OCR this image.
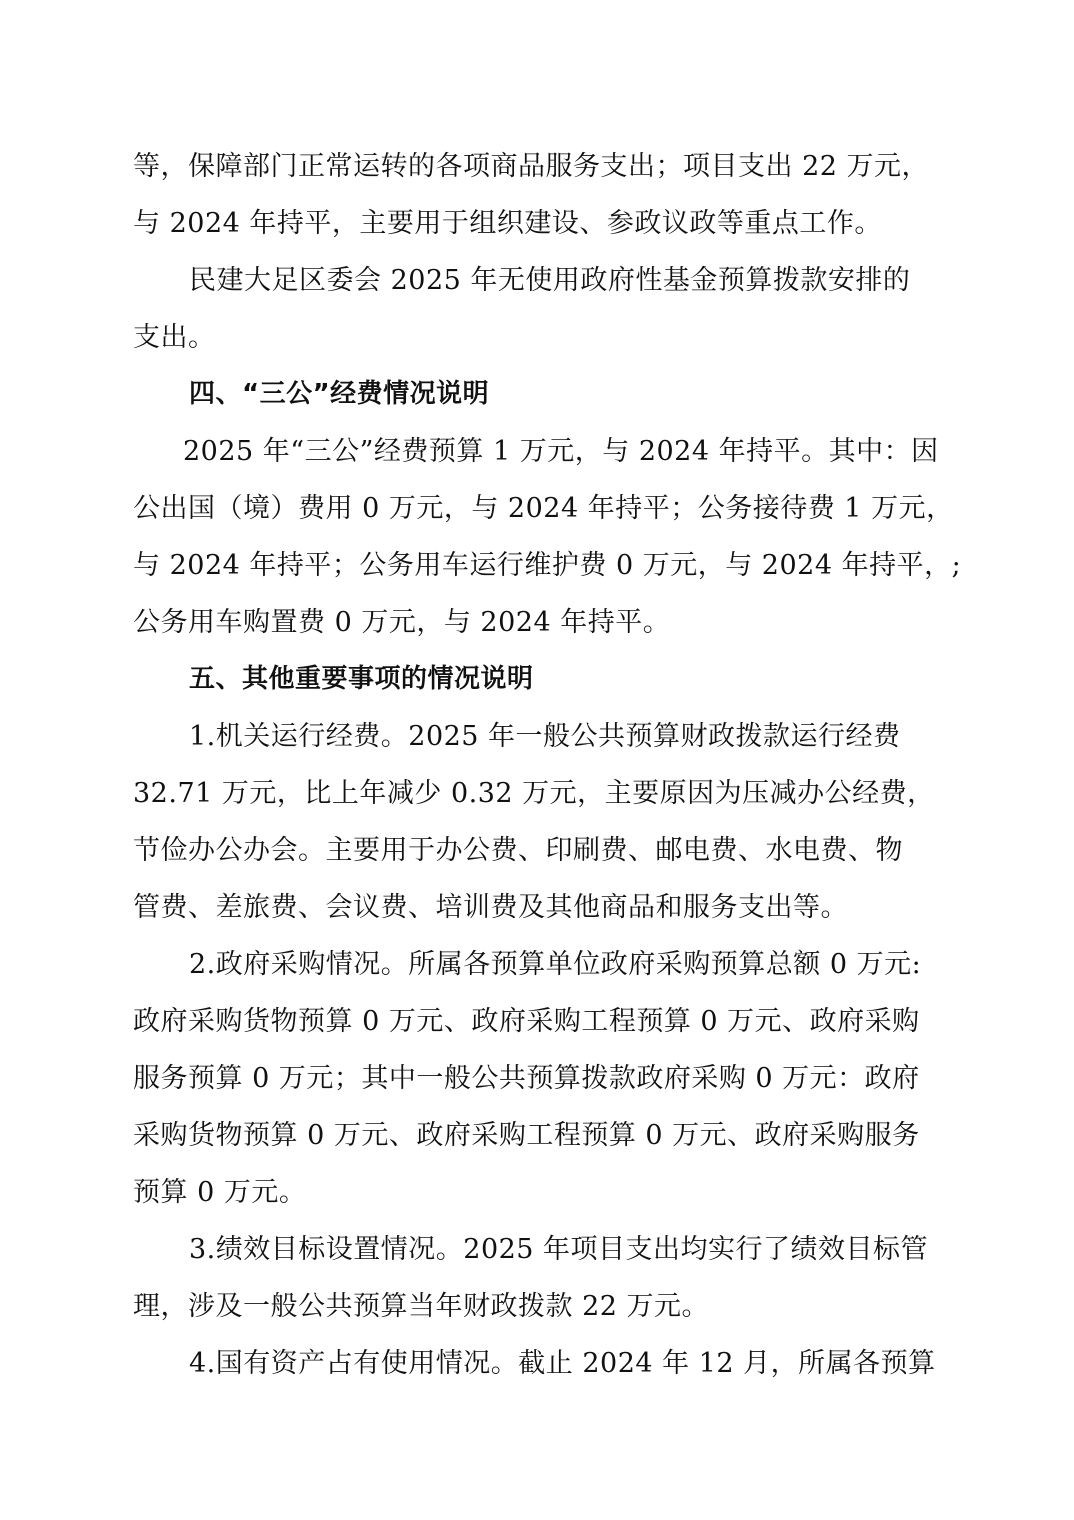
等，保障部门正常运转的各项商品服务支出；项目支出 22 万元，
与 2024 年持平，主要用于组织建设、参政议政等重点工作。

民建大足区委会 2025 年无使用政府性基金预算拨款安排的
支出。

四、“三公”经费情况说明

2025 年“三公”经费预算 1 万元，与 2024 年持平。其中：因
公出国（境）费用 0 万元，与 2024 年持平；公务接待费 1 万元，
与 2024 年持平；公务用车运行维护费 0 万元，与 2024 年持平，;
公务用车购置费 0 万元，与 2024 年持平。

五、其他重要事项的情况说明

1.机关运行经费。2025 年一般公共预算财政拨款运行经费
32.71 万元，比上年减少 0.32 万元，主要原因为压减办公经费，
节俭办公办会。主要用于办公费、印刷费、邮电费、水电费、物
管费、差旅费、会议费、培训费及其他商品和服务支出等。

2.政府采购情况。所属各预算单位政府采购预算总额 0 万元:
政府采购货物预算 0 万元、政府采购工程预算 0 万元、政府采购
服务预算 0 万元；其中一般公共预算拨款政府采购 0 万元：政府
采购货物预算 0 万元、政府采购工程预算 0 万元、政府采购服务
预算 0 万元。

3.绩效目标设置情况。2025 年项目支出均实行了绩效目标管
理，涉及一般公共预算当年财政拨款 22 万元。

4.国有资产占有使用情况。截止 2024 年 12 月，所属各预算
